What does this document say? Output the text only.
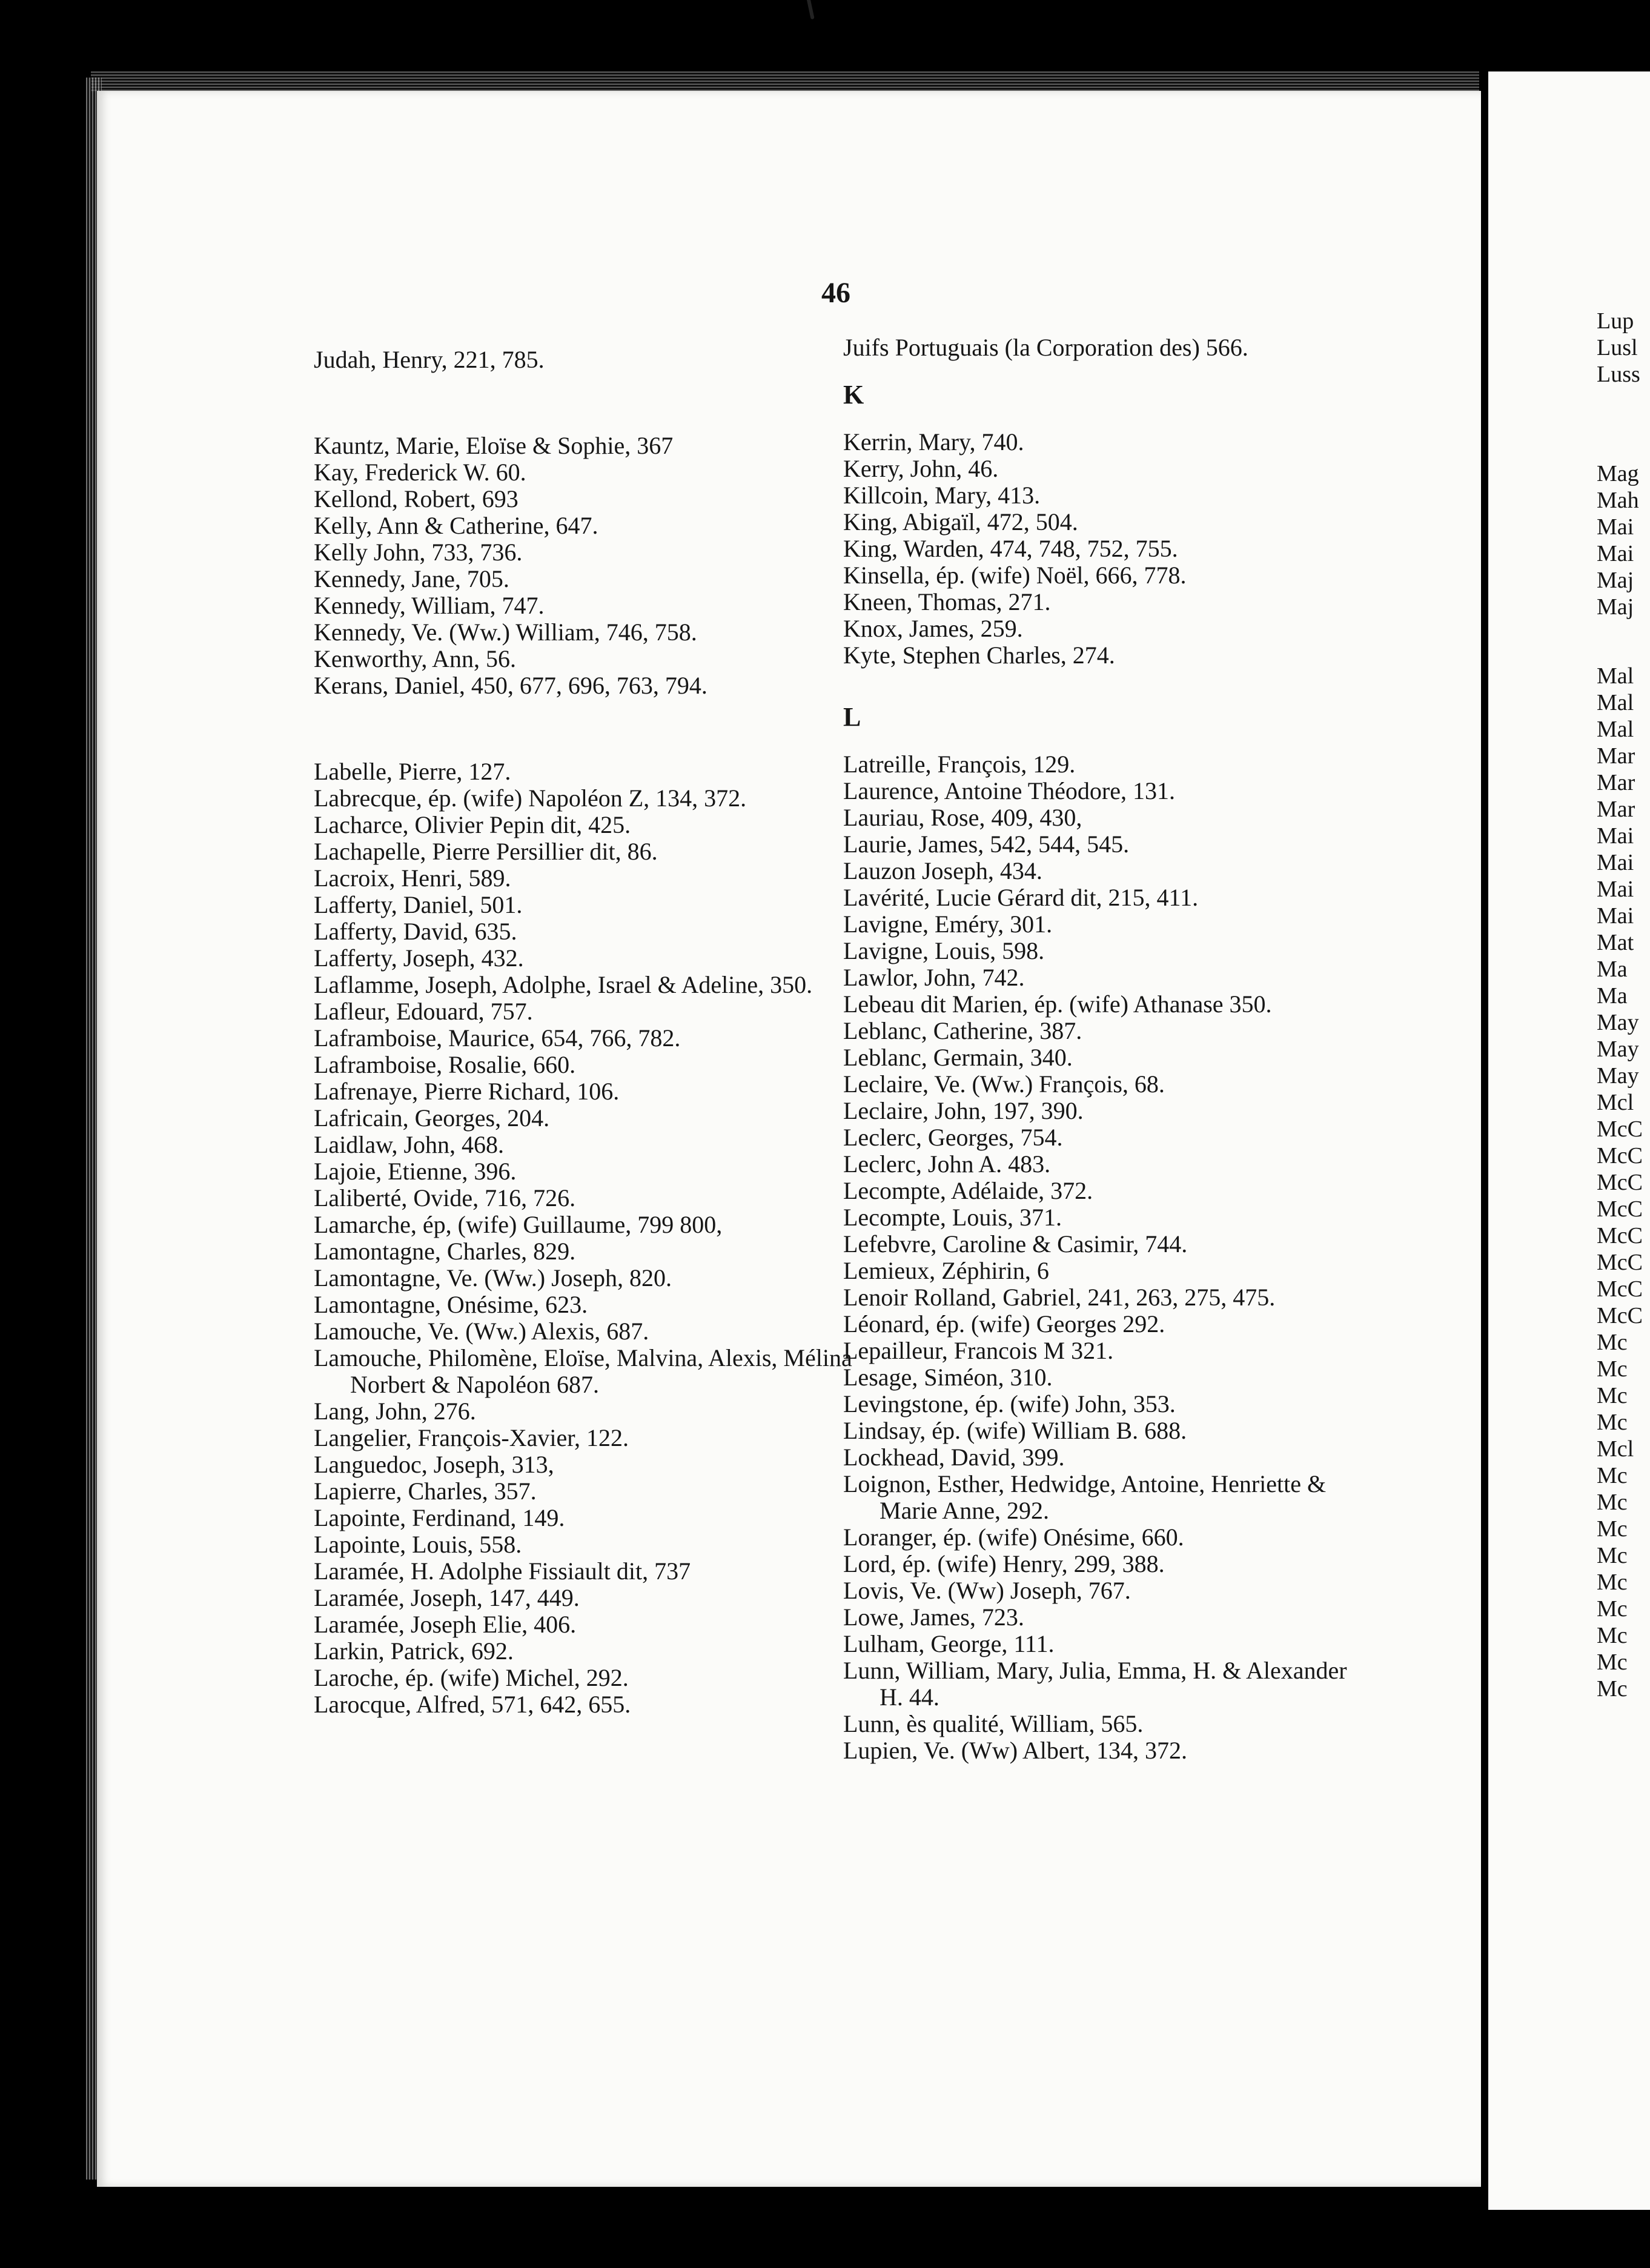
46

Judah, Henry, 221, 785.

Kauntz, Marie, Eloïse & Sophie, 367

Kay, Frederick W. 60.

Kellond, Robert, 693

Kelly, Ann & Catherine, 647.

Kelly John, 733, 736.

Kennedy, Jane, 705.

Kennedy, William, 747.

Kennedy, Ve. (Ww.) William, 746, 758.

Kenworthy, Ann, 56.

Kerans, Daniel, 450, 677, 696, 763, 794.

Labelle, Pierre, 127.

Labrecque, ép. (wife) Napoléon Z, 134, 372.

Lacharce, Olivier Pepin dit, 425.

Lachapelle, Pierre Persillier dit, 86.

Lacroix, Henri, 589.

Lafferty, Daniel, 501.

Lafferty, David, 635.

Lafferty, Joseph, 432.

Laflamme, Joseph, Adolphe, Israel & Adeline, 350.

Lafleur, Edouard, 757.

Laframboise, Maurice, 654, 766, 782.

Laframboise, Rosalie, 660.

Lafrenaye, Pierre Richard, 106.

Lafricain, Georges, 204.

Laidlaw, John, 468.

Lajoie, Etienne, 396.

Laliberté, Ovide, 716, 726.

Lamarche, ép, (wife) Guillaume, 799 800,

Lamontagne, Charles, 829.

Lamontagne, Ve. (Ww.) Joseph, 820.

Lamontagne, Onésime, 623.

Lamouche, Ve. (Ww.) Alexis, 687.

Lamouche, Philomène, Eloïse, Malvina, Alexis, Mélina Norbert & Napoléon 687.

Lang, John, 276.

Langelier, François-Xavier, 122.

Languedoc, Joseph, 313,

Lapierre, Charles, 357.

Lapointe, Ferdinand, 149.

Lapointe, Louis, 558.

Laramée, H. Adolphe Fissiault dit, 737

Laramée, Joseph, 147, 449.

Laramée, Joseph Elie, 406.

Larkin, Patrick, 692.

Laroche, ép. (wife) Michel, 292.

Larocque, Alfred, 571, 642, 655.

Juifs Portuguais (la Corporation des) 566.

K

Kerrin, Mary, 740.

Kerry, John, 46.

Killcoin, Mary, 413.

King, Abigaïl, 472, 504.

King, Warden, 474, 748, 752, 755.

Kinsella, ép. (wife) Noël, 666, 778.

Kneen, Thomas, 271.

Knox, James, 259.

Kyte, Stephen Charles, 274.

L

Latreille, François, 129.

Laurence, Antoine Théodore, 131.

Lauriau, Rose, 409, 430,

Laurie, James, 542, 544, 545.

Lauzon Joseph, 434.

Lavérité, Lucie Gérard dit, 215, 411.

Lavigne, Eméry, 301.

Lavigne, Louis, 598.

Lawlor, John, 742.

Lebeau dit Marien, ép. (wife) Athanase 350.

Leblanc, Catherine, 387.

Leblanc, Germain, 340.

Leclaire, Ve. (Ww.) François, 68.

Leclaire, John, 197, 390.

Leclerc, Georges, 754.

Leclerc, John A. 483.

Lecompte, Adélaide, 372.

Lecompte, Louis, 371.

Lefebvre, Caroline & Casimir, 744.

Lemieux, Zéphirin, 6

Lenoir Rolland, Gabriel, 241, 263, 275, 475.

Léonard, ép. (wife) Georges 292.

Lepailleur, Francois M 321.

Lesage, Siméon, 310.

Levingstone, ép. (wife) John, 353.

Lindsay, ép. (wife) William B. 688.

Lockhead, David, 399.

Loignon, Esther, Hedwidge, Antoine, Henriette & Marie Anne, 292.

Loranger, ép. (wife) Onésime, 660.

Lord, ép. (wife) Henry, 299, 388.

Lovis, Ve. (Ww) Joseph, 767.

Lowe, James, 723.

Lulham, George, 111.

Lunn, William, Mary, Julia, Emma, H. & Alexander H. 44.

Lunn, ès qualité, William, 565.

Lupien, Ve. (Ww) Albert, 134, 372.

Lup

Lusl

Luss

Mag

Mah

Mai

Mai

Maj

Maj

Mal

Mal

Mal

Mar

Mar

Mar

Mai

Mai

Mai

Mai

Mat

Ma

Ma

May

May

May

Mcl

McC

McC

McC

McC

McC

McC

McC

McC

Mc

Mc

Mc

Mc

Mcl

Mc

Mc

Mc

Mc

Mc

Mc

Mc

Mc

Mc
